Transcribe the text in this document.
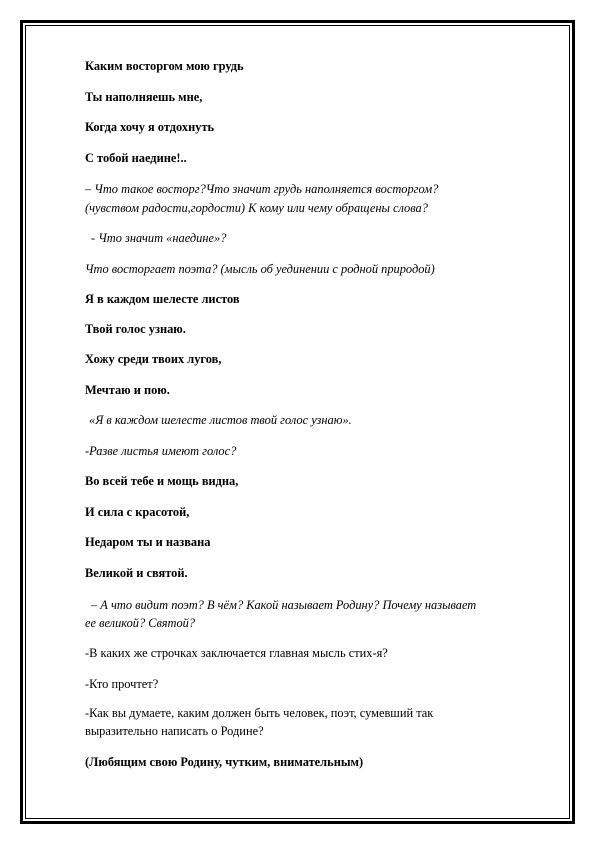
Каким восторгом мою грудь
Ты наполняешь мне,
Когда хочу я отдохнуть
С тобой наедине!..
– Что такое восторг?Что значит грудь наполняется восторгом?
(чувством радости,гордости) К кому или чему обращены слова?
- Что значит «наедине»?
Что восторгает поэта? (мысль об уединении с родной природой)
Я в каждом шелесте листов
Твой голос узнаю.
Хожу среди твоих лугов,
Мечтаю и пою.
«Я в каждом шелесте листов твой голос узнаю».
-Разве листья имеют голос?
Во всей тебе и мощь видна,
И сила с красотой,
Недаром ты и названа
Великой и святой.
– А что видит поэт? В чём? Какой называет Родину? Почему называет
ее великой? Святой?
-В каких же строчках заключается главная мысль стих-я?
-Кто прочтет?
-Как вы думаете, каким должен быть человек, поэт, сумевший так
выразительно написать о Родине?
(Любящим свою Родину, чутким, внимательным)
